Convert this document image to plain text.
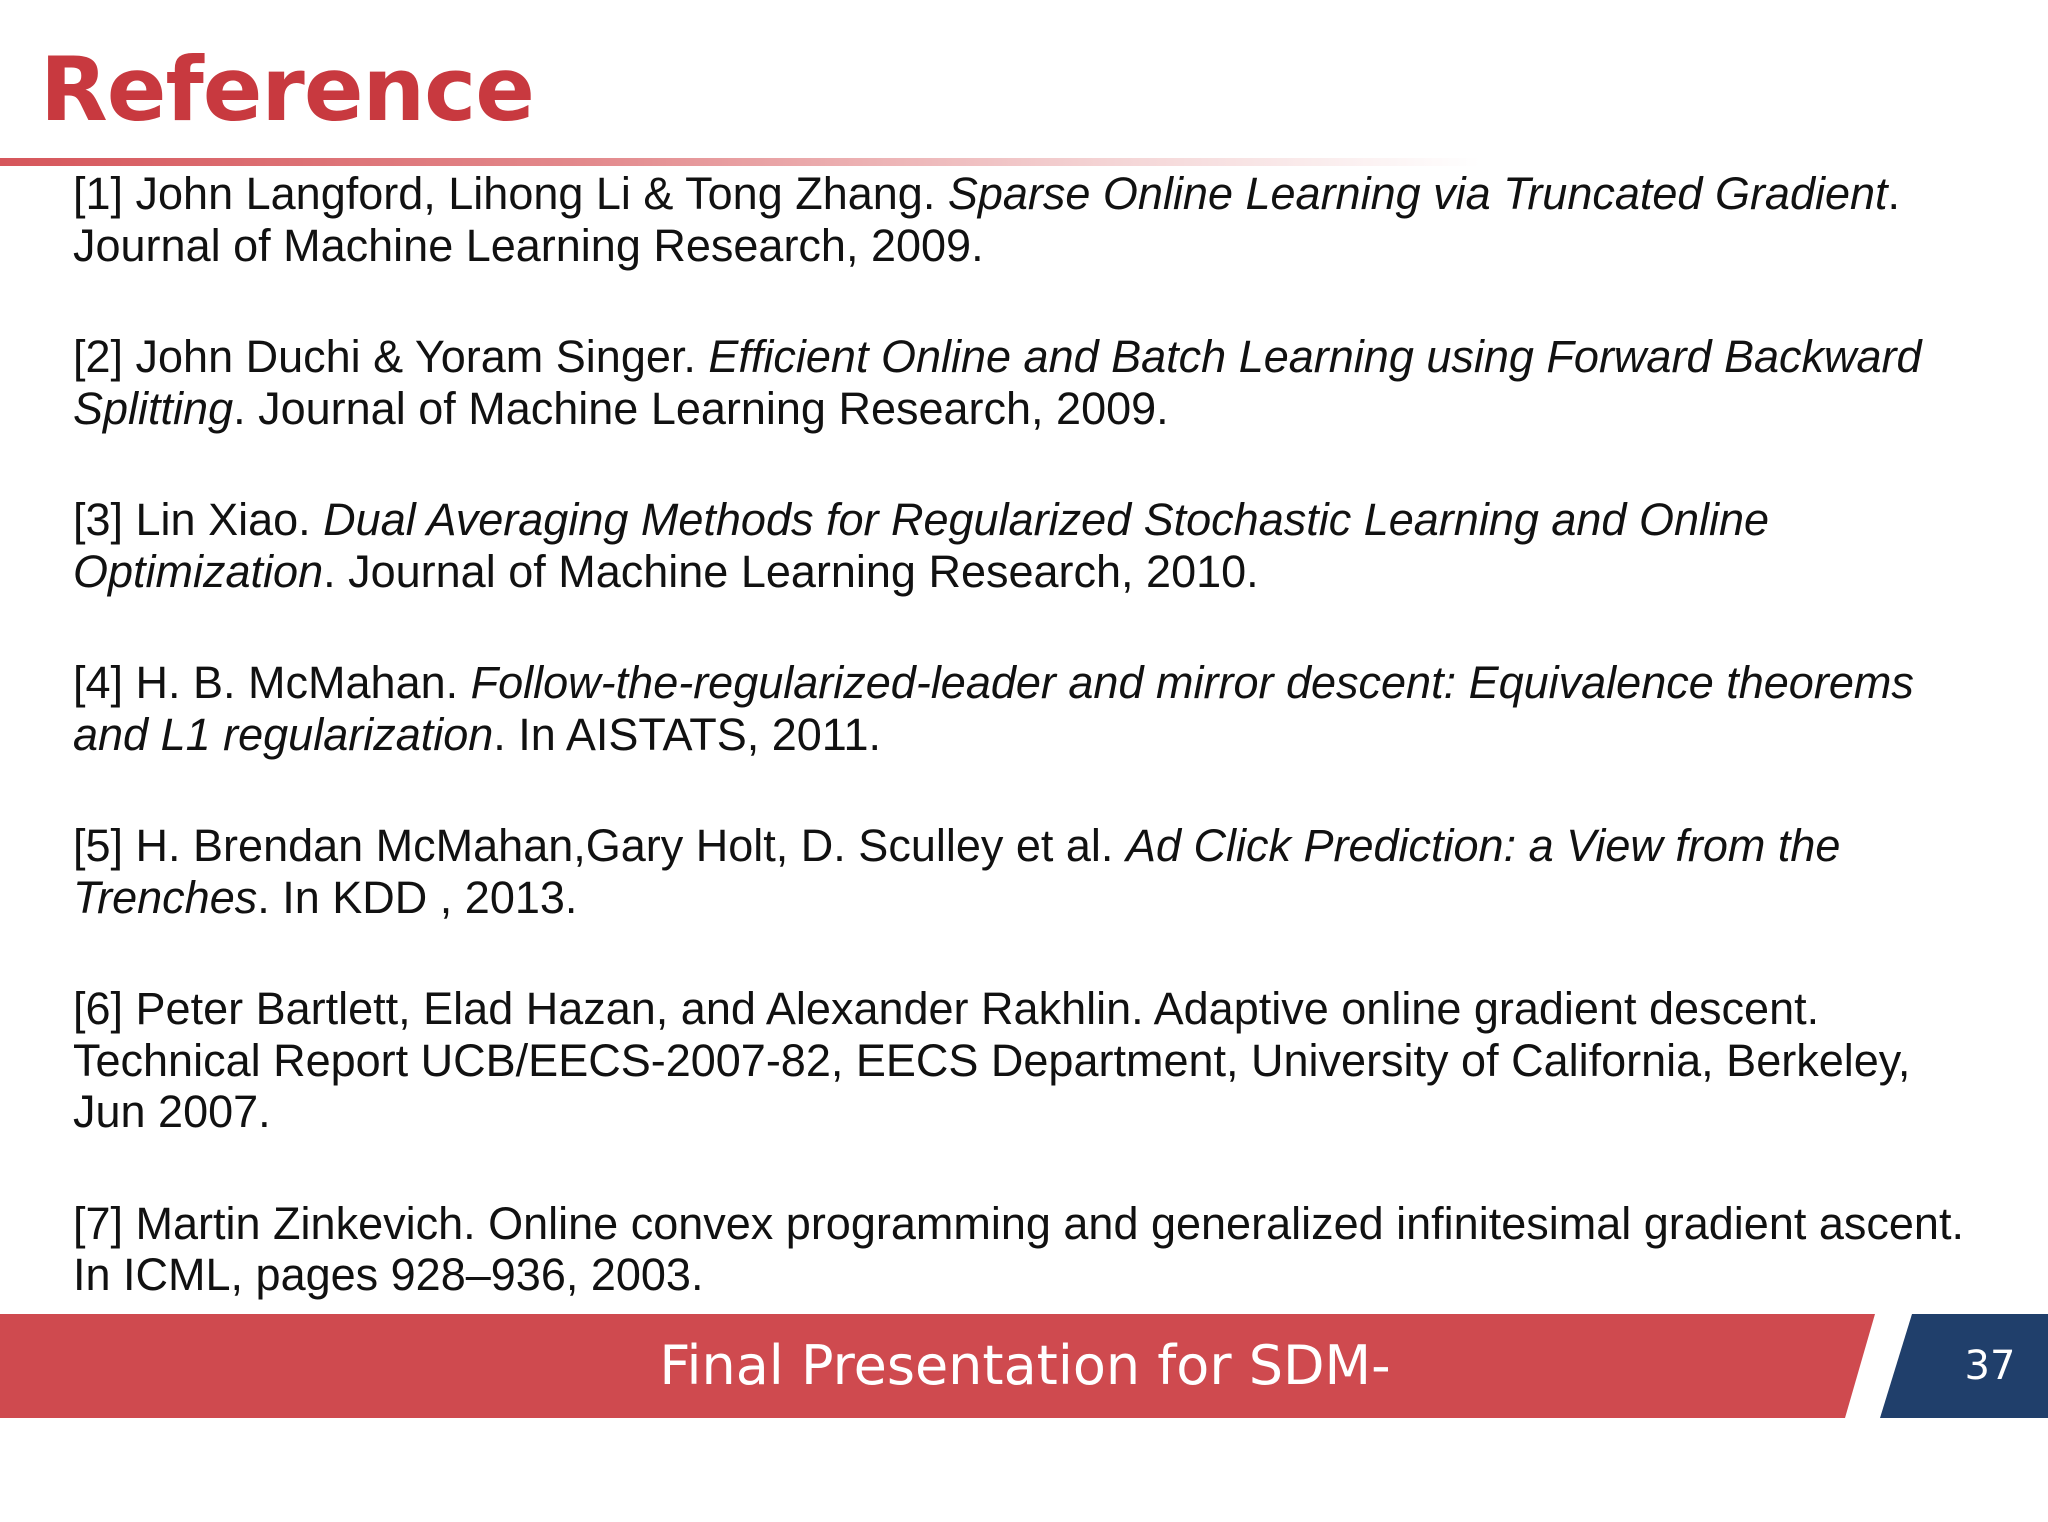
Reference
[1] John Langford, Lihong Li & Tong Zhang. Sparse Online Learning via Truncated Gradient. Journal of Machine Learning Research, 2009.
[2] John Duchi & Yoram Singer. Efficient Online and Batch Learning using Forward Backward Splitting. Journal of Machine Learning Research, 2009.
[3] Lin Xiao. Dual Averaging Methods for Regularized Stochastic Learning and Online Optimization. Journal of Machine Learning Research, 2010.
[4] H. B. McMahan. Follow-the-regularized-leader and mirror descent: Equivalence theorems and L1 regularization. In AISTATS, 2011.
[5] H. Brendan McMahan,Gary Holt, D. Sculley et al. Ad Click Prediction: a View from the Trenches. In KDD , 2013.
[6] Peter Bartlett, Elad Hazan, and Alexander Rakhlin. Adaptive online gradient descent. Technical Report UCB/EECS-2007-82, EECS Department, University of California, Berkeley, Jun 2007.
[7] Martin Zinkevich. Online convex programming and generalized infinitesimal gradient ascent. In ICML, pages 928–936, 2003.
Final Presentation for SDM-2016
37
